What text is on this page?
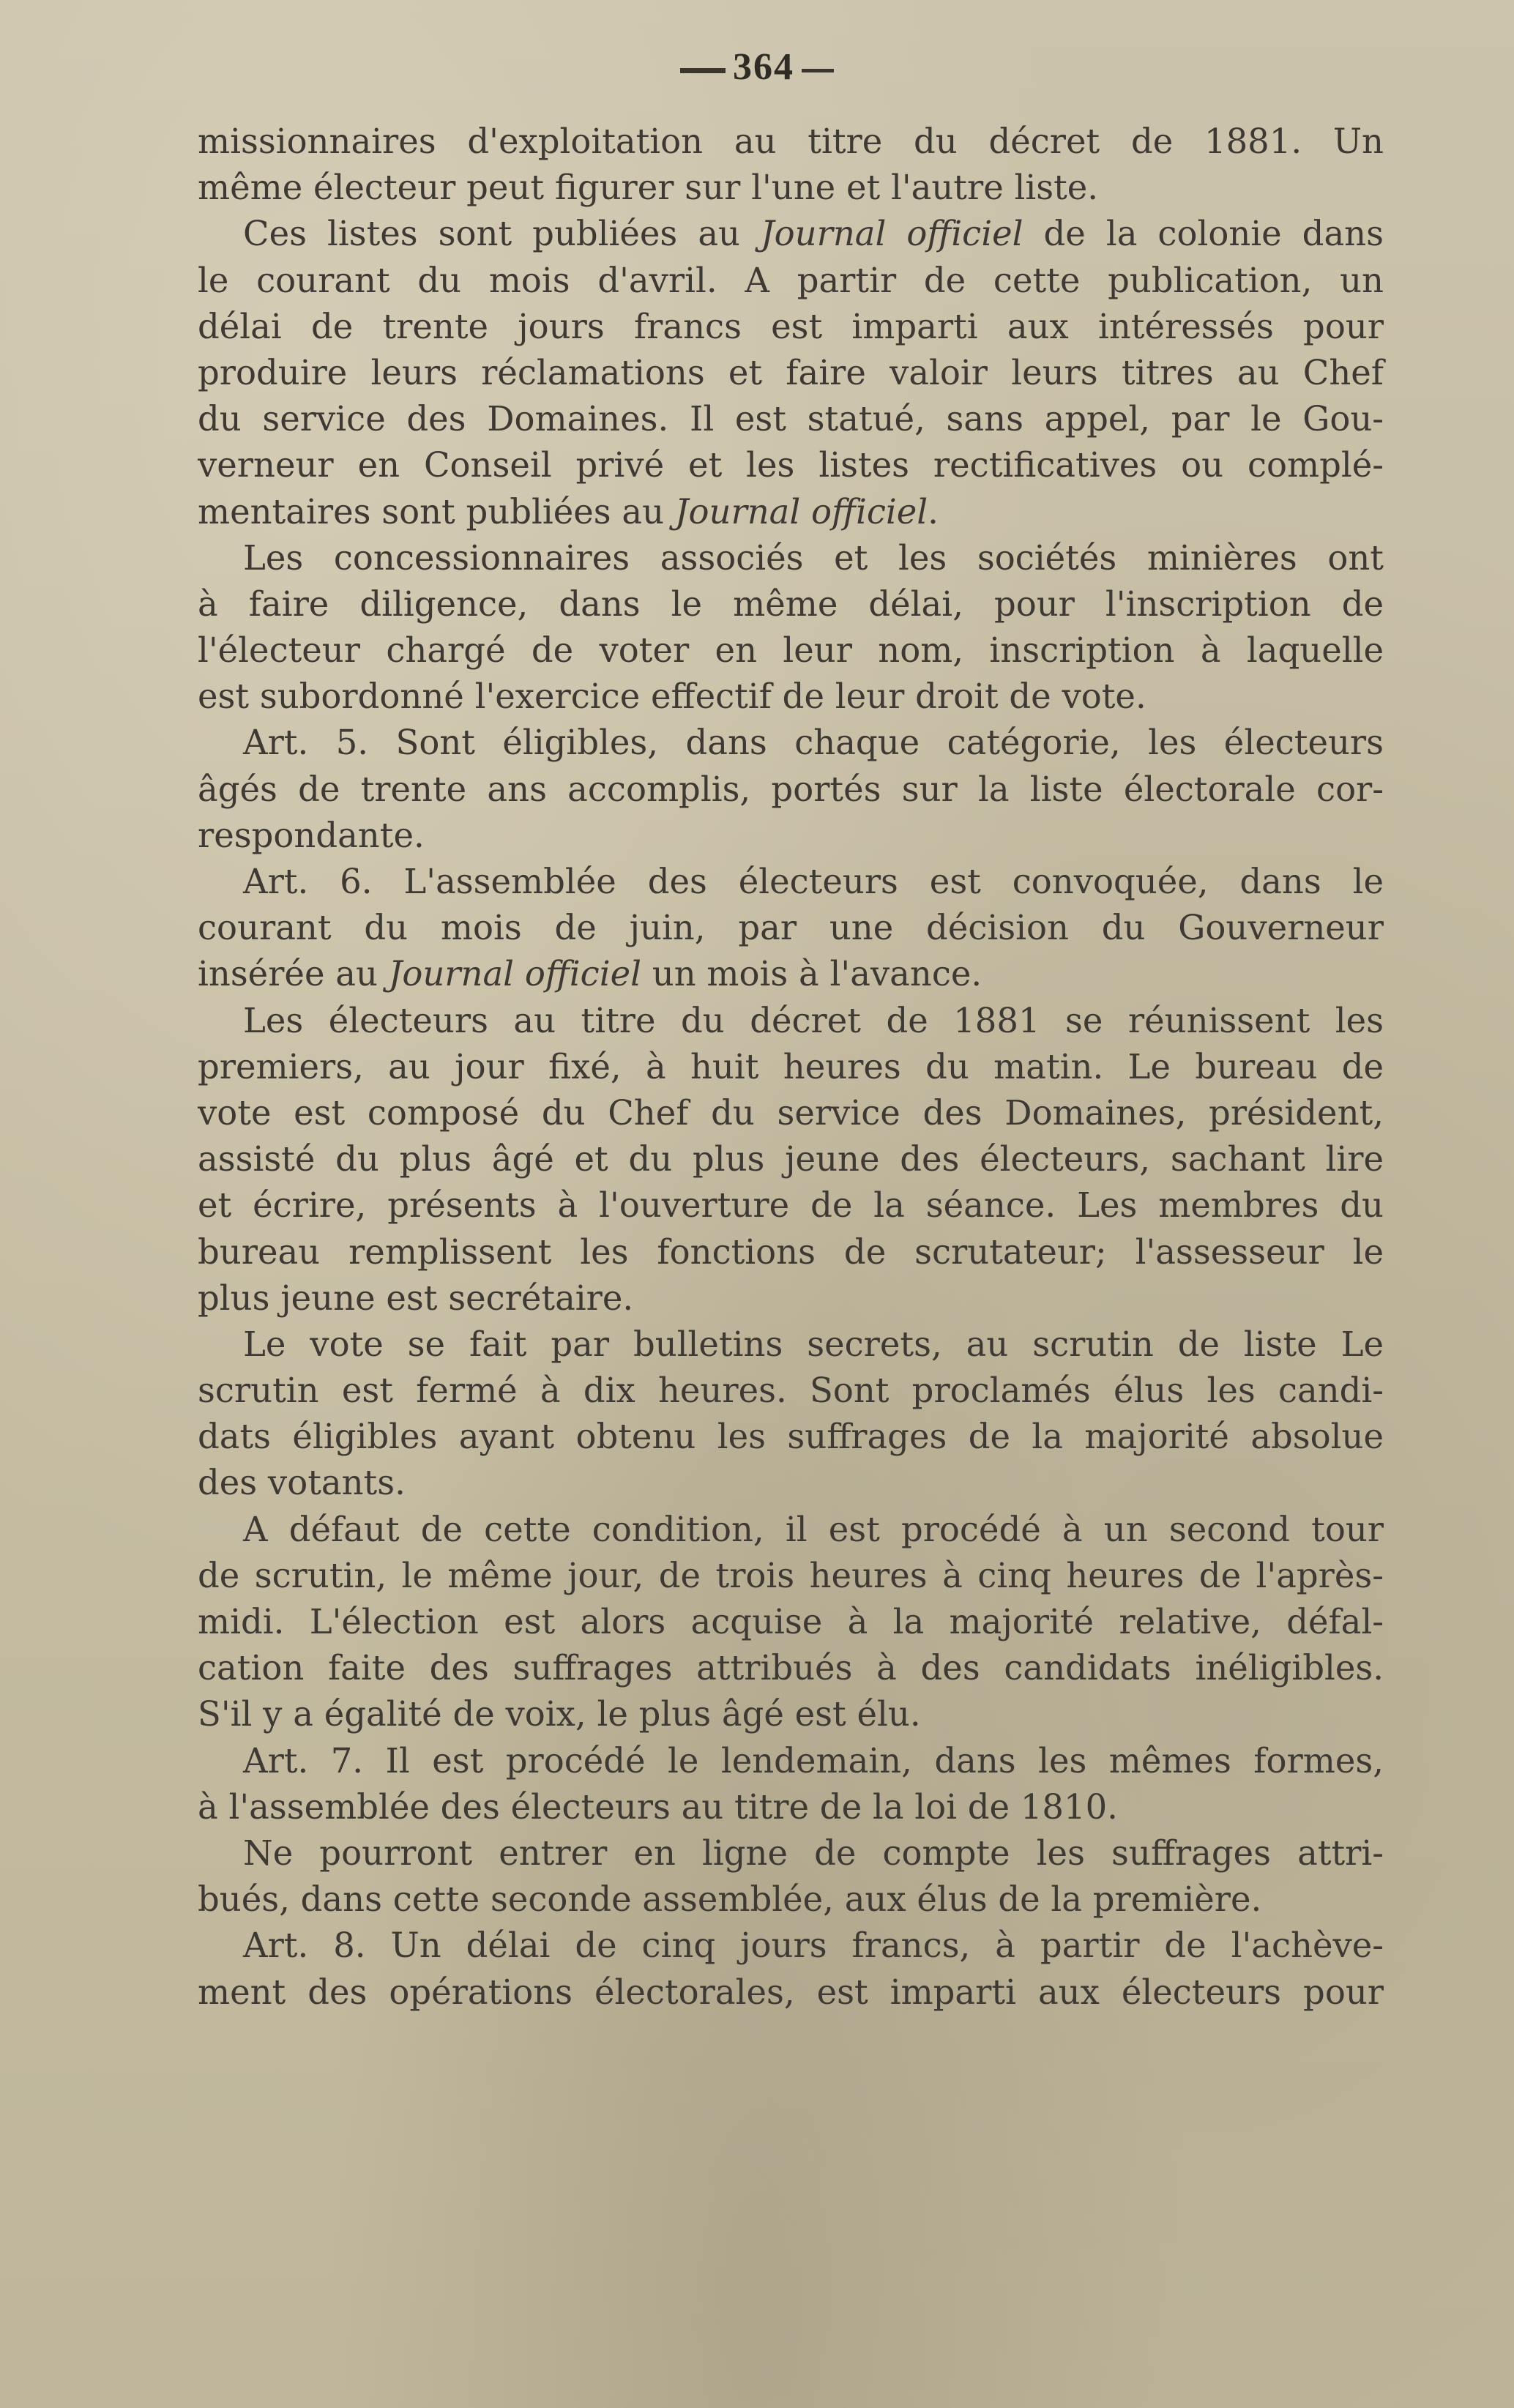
364
missionnaires d'exploitation au titre du décret de 1881. Un
même électeur peut figurer sur l'une et l'autre liste.
Ces listes sont publiées au Journal officiel de la colonie dans
le courant du mois d'avril. A partir de cette publication, un
délai de trente jours francs est imparti aux intéressés pour
produire leurs réclamations et faire valoir leurs titres au Chef
du service des Domaines. Il est statué, sans appel, par le Gou-
verneur en Conseil privé et les listes rectificatives ou complé-
mentaires sont publiées au Journal officiel.
Les concessionnaires associés et les sociétés minières ont
à faire diligence, dans le même délai, pour l'inscription de
l'électeur chargé de voter en leur nom, inscription à laquelle
est subordonné l'exercice effectif de leur droit de vote.
Art. 5. Sont éligibles, dans chaque catégorie, les électeurs
âgés de trente ans accomplis, portés sur la liste électorale cor-
respondante.
Art. 6. L'assemblée des électeurs est convoquée, dans le
courant du mois de juin, par une décision du Gouverneur
insérée au Journal officiel un mois à l'avance.
Les électeurs au titre du décret de 1881 se réunissent les
premiers, au jour fixé, à huit heures du matin. Le bureau de
vote est composé du Chef du service des Domaines, président,
assisté du plus âgé et du plus jeune des électeurs, sachant lire
et écrire, présents à l'ouverture de la séance. Les membres du
bureau remplissent les fonctions de scrutateur; l'assesseur le
plus jeune est secrétaire.
Le vote se fait par bulletins secrets, au scrutin de liste Le
scrutin est fermé à dix heures. Sont proclamés élus les candi-
dats éligibles ayant obtenu les suffrages de la majorité absolue
des votants.
A défaut de cette condition, il est procédé à un second tour
de scrutin, le même jour, de trois heures à cinq heures de l'après-
midi. L'élection est alors acquise à la majorité relative, défal-
cation faite des suffrages attribués à des candidats inéligibles.
S'il y a égalité de voix, le plus âgé est élu.
Art. 7. Il est procédé le lendemain, dans les mêmes formes,
à l'assemblée des électeurs au titre de la loi de 1810.
Ne pourront entrer en ligne de compte les suffrages attri-
bués, dans cette seconde assemblée, aux élus de la première.
Art. 8. Un délai de cinq jours francs, à partir de l'achève-
ment des opérations électorales, est imparti aux électeurs pour
